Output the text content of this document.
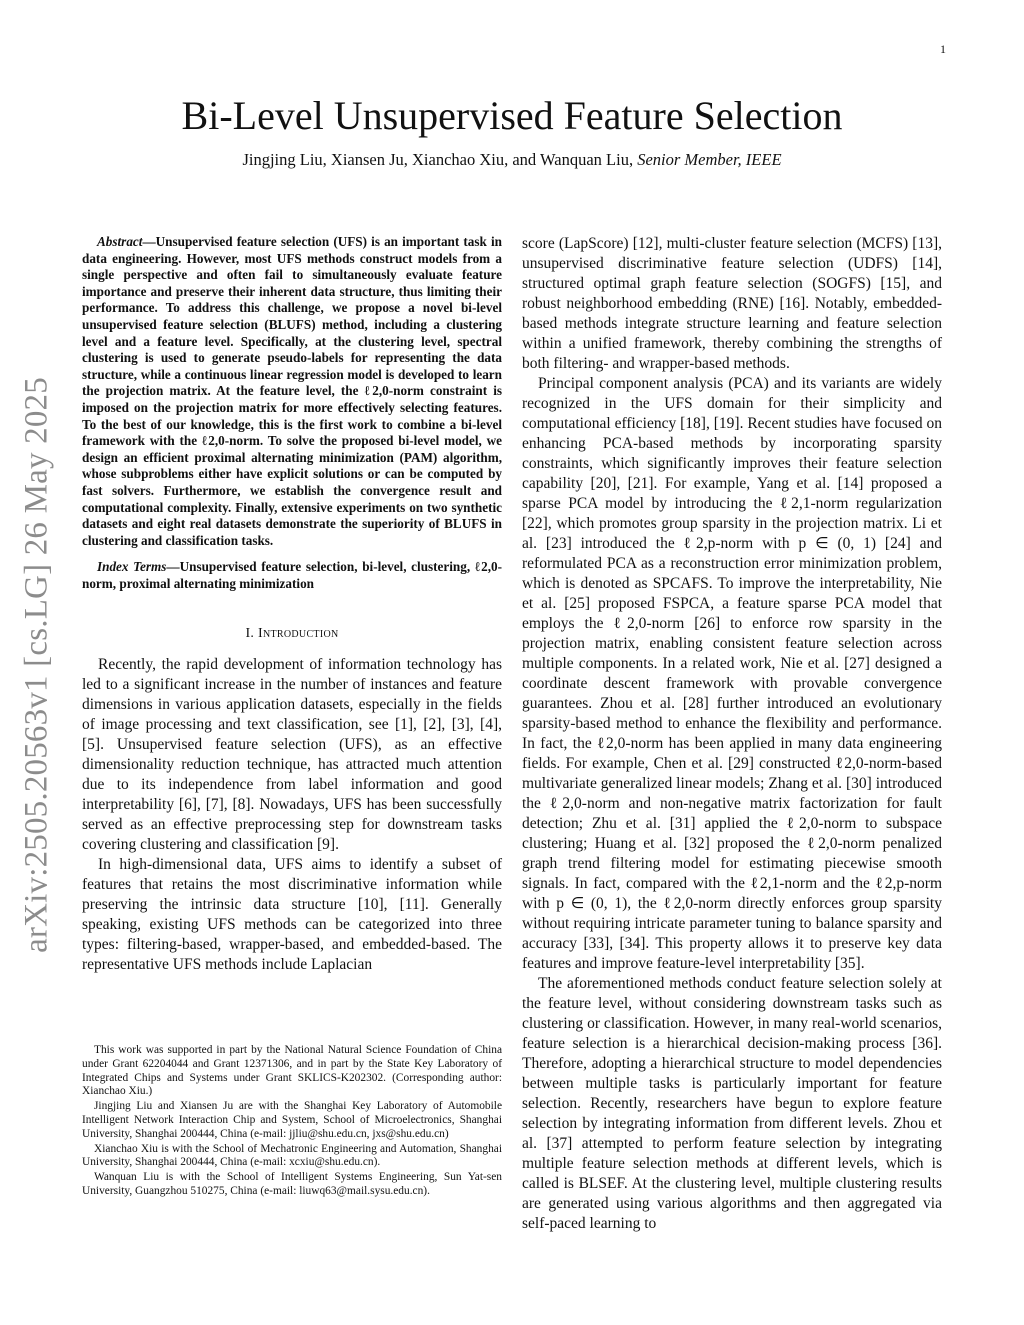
1
arXiv:2505.20563v1 [cs.LG] 26 May 2025
Bi-Level Unsupervised Feature Selection
Jingjing Liu, Xiansen Ju, Xianchao Xiu, and Wanquan Liu, Senior Member, IEEE

Abstract—Unsupervised feature selection (UFS) is an important task in data engineering. However, most UFS methods construct models from a single perspective and often fail to simultaneously evaluate feature importance and preserve their inherent data structure, thus limiting their performance. To address this challenge, we propose a novel bi-level unsupervised feature selection (BLUFS) method, including a clustering level and a feature level. Specifically, at the clustering level, spectral clustering is used to generate pseudo-labels for representing the data structure, while a continuous linear regression model is developed to learn the projection matrix. At the feature level, the ℓ2,0-norm constraint is imposed on the projection matrix for more effectively selecting features. To the best of our knowledge, this is the first work to combine a bi-level framework with the ℓ2,0-norm. To solve the proposed bi-level model, we design an efficient proximal alternating minimization (PAM) algorithm, whose subproblems either have explicit solutions or can be computed by fast solvers. Furthermore, we establish the convergence result and computational complexity. Finally, extensive experiments on two synthetic datasets and eight real datasets demonstrate the superiority of BLUFS in clustering and classification tasks.

Index Terms—Unsupervised feature selection, bi-level, clustering, ℓ2,0-norm, proximal alternating minimization

I. Introduction

Recently, the rapid development of information technology has led to a significant increase in the number of instances and feature dimensions in various application datasets, especially in the fields of image processing and text classification, see [1], [2], [3], [4], [5]. Unsupervised feature selection (UFS), as an effective dimensionality reduction technique, has attracted much attention due to its independence from label information and good interpretability [6], [7], [8]. Nowadays, UFS has been successfully served as an effective preprocessing step for downstream tasks covering clustering and classification [9].

In high-dimensional data, UFS aims to identify a subset of features that retains the most discriminative information while preserving the intrinsic data structure [10], [11]. Generally speaking, existing UFS methods can be categorized into three types: filtering-based, wrapper-based, and embedded-based. The representative UFS methods include Laplacian

This work was supported in part by the National Natural Science Foundation of China under Grant 62204044 and Grant 12371306, and in part by the State Key Laboratory of Integrated Chips and Systems under Grant SKLICS-K202302. (Corresponding author: Xianchao Xiu.)

Jingjing Liu and Xiansen Ju are with the Shanghai Key Laboratory of Automobile Intelligent Network Interaction Chip and System, School of Microelectronics, Shanghai University, Shanghai 200444, China (e-mail: jjliu@shu.edu.cn, jxs@shu.edu.cn)

Xianchao Xiu is with the School of Mechatronic Engineering and Automation, Shanghai University, Shanghai 200444, China (e-mail: xcxiu@shu.edu.cn).

Wanquan Liu is with the School of Intelligent Systems Engineering, Sun Yat-sen University, Guangzhou 510275, China (e-mail: liuwq63@mail.sysu.edu.cn).

score (LapScore) [12], multi-cluster feature selection (MCFS) [13], unsupervised discriminative feature selection (UDFS) [14], structured optimal graph feature selection (SOGFS) [15], and robust neighborhood embedding (RNE) [16]. Notably, embedded-based methods integrate structure learning and feature selection within a unified framework, thereby combining the strengths of both filtering- and wrapper-based methods.

Principal component analysis (PCA) and its variants are widely recognized in the UFS domain for their simplicity and computational efficiency [18], [19]. Recent studies have focused on enhancing PCA-based methods by incorporating sparsity constraints, which significantly improves their feature selection capability [20], [21]. For example, Yang et al. [14] proposed a sparse PCA model by introducing the ℓ2,1-norm regularization [22], which promotes group sparsity in the projection matrix. Li et al. [23] introduced the ℓ2,p-norm with p ∈ (0, 1) [24] and reformulated PCA as a reconstruction error minimization problem, which is denoted as SPCAFS. To improve the interpretability, Nie et al. [25] proposed FSPCA, a feature sparse PCA model that employs the ℓ2,0-norm [26] to enforce row sparsity in the projection matrix, enabling consistent feature selection across multiple components. In a related work, Nie et al. [27] designed a coordinate descent framework with provable convergence guarantees. Zhou et al. [28] further introduced an evolutionary sparsity-based method to enhance the flexibility and performance. In fact, the ℓ2,0-norm has been applied in many data engineering fields. For example, Chen et al. [29] constructed ℓ2,0-norm-based multivariate generalized linear models; Zhang et al. [30] introduced the ℓ2,0-norm and non-negative matrix factorization for fault detection; Zhu et al. [31] applied the ℓ2,0-norm to subspace clustering; Huang et al. [32] proposed the ℓ2,0-norm penalized graph trend filtering model for estimating piecewise smooth signals. In fact, compared with the ℓ2,1-norm and the ℓ2,p-norm with p ∈ (0, 1), the ℓ2,0-norm directly enforces group sparsity without requiring intricate parameter tuning to balance sparsity and accuracy [33], [34]. This property allows it to preserve key data features and improve feature-level interpretability [35].

The aforementioned methods conduct feature selection solely at the feature level, without considering downstream tasks such as clustering or classification. However, in many real-world scenarios, feature selection is a hierarchical decision-making process [36]. Therefore, adopting a hierarchical structure to model dependencies between multiple tasks is particularly important for feature selection. Recently, researchers have begun to explore feature selection by integrating information from different levels. Zhou et al. [37] attempted to perform feature selection by integrating multiple feature selection methods at different levels, which is called is BLSEF. At the clustering level, multiple clustering results are generated using various algorithms and then aggregated via self-paced learning to
